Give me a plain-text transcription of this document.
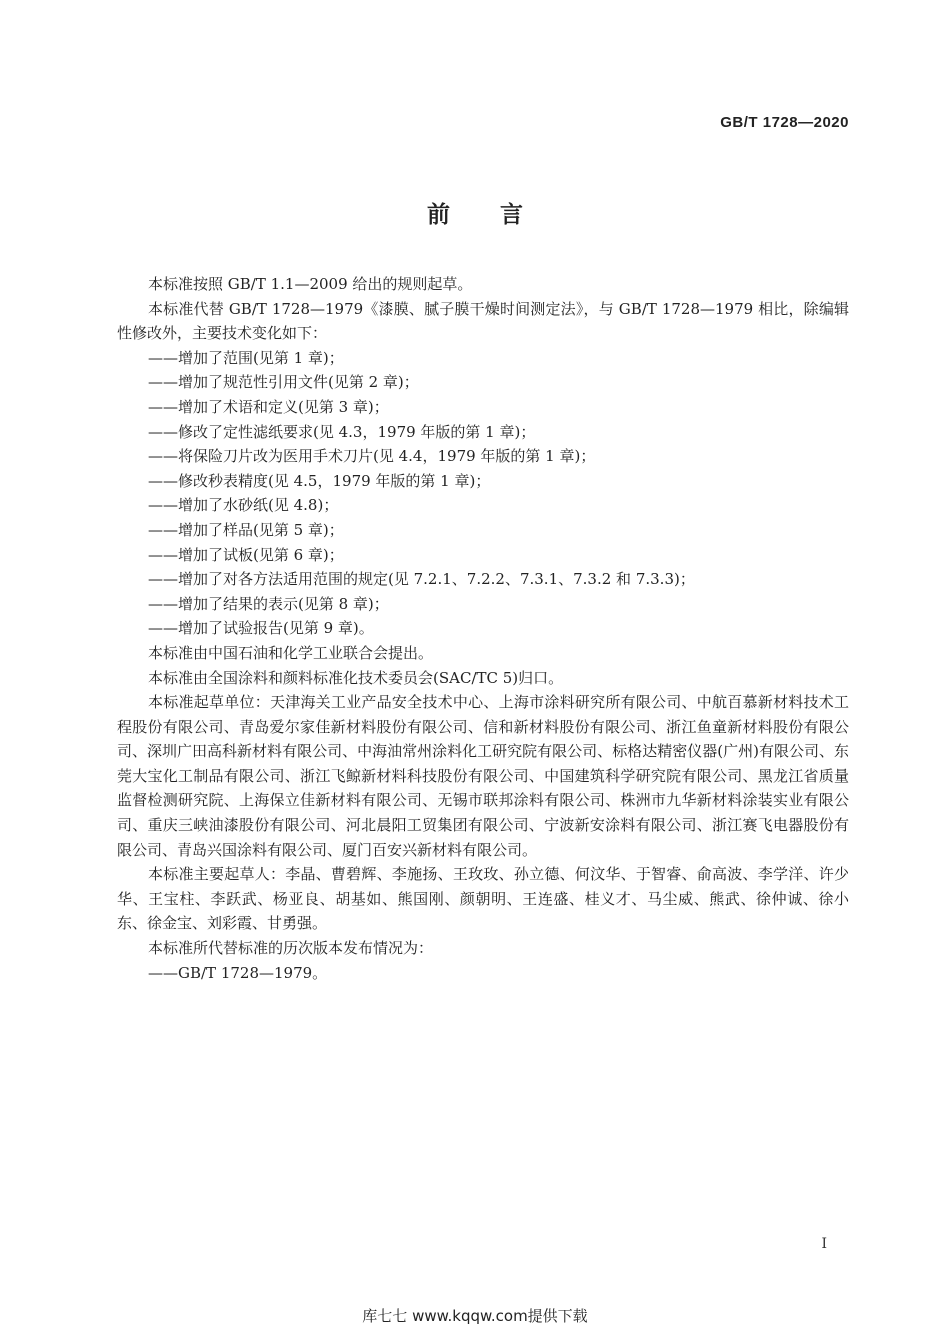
GB/T 1728—2020
前言

本标准按照 GB/T 1.1—2009 给出的规则起草。

本标准代替 GB/T 1728—1979《漆膜、腻子膜干燥时间测定法》，与 GB/T 1728—1979 相比，除编辑性修改外，主要技术变化如下：

——增加了范围(见第 1 章)；

——增加了规范性引用文件(见第 2 章)；

——增加了术语和定义(见第 3 章)；

——修改了定性滤纸要求(见 4.3，1979 年版的第 1 章)；

——将保险刀片改为医用手术刀片(见 4.4，1979 年版的第 1 章)；

——修改秒表精度(见 4.5，1979 年版的第 1 章)；

——增加了水砂纸(见 4.8)；

——增加了样品(见第 5 章)；

——增加了试板(见第 6 章)；

——增加了对各方法适用范围的规定(见 7.2.1、7.2.2、7.3.1、7.3.2 和 7.3.3)；

——增加了结果的表示(见第 8 章)；

——增加了试验报告(见第 9 章)。

本标准由中国石油和化学工业联合会提出。

本标准由全国涂料和颜料标准化技术委员会(SAC/TC 5)归口。

本标准起草单位：天津海关工业产品安全技术中心、上海市涂料研究所有限公司、中航百慕新材料技术工程股份有限公司、青岛爱尔家佳新材料股份有限公司、信和新材料股份有限公司、浙江鱼童新材料股份有限公司、深圳广田高科新材料有限公司、中海油常州涂料化工研究院有限公司、标格达精密仪器(广州)有限公司、东莞大宝化工制品有限公司、浙江飞鲸新材料科技股份有限公司、中国建筑科学研究院有限公司、黑龙江省质量监督检测研究院、上海保立佳新材料有限公司、无锡市联邦涂料有限公司、株洲市九华新材料涂装实业有限公司、重庆三峡油漆股份有限公司、河北晨阳工贸集团有限公司、宁波新安涂料有限公司、浙江赛飞电器股份有限公司、青岛兴国涂料有限公司、厦门百安兴新材料有限公司。

本标准主要起草人：李晶、曹碧辉、李施扬、王玫玫、孙立德、何汶华、于智睿、俞高波、李学洋、许少华、王宝柱、李跃武、杨亚良、胡基如、熊国刚、颜朝明、王连盛、桂义才、马尘威、熊武、徐仲诚、徐小东、徐金宝、刘彩霞、甘勇强。

本标准所代替标准的历次版本发布情况为：

——GB/T 1728—1979。

I
库七七 www.kqqw.com提供下载
